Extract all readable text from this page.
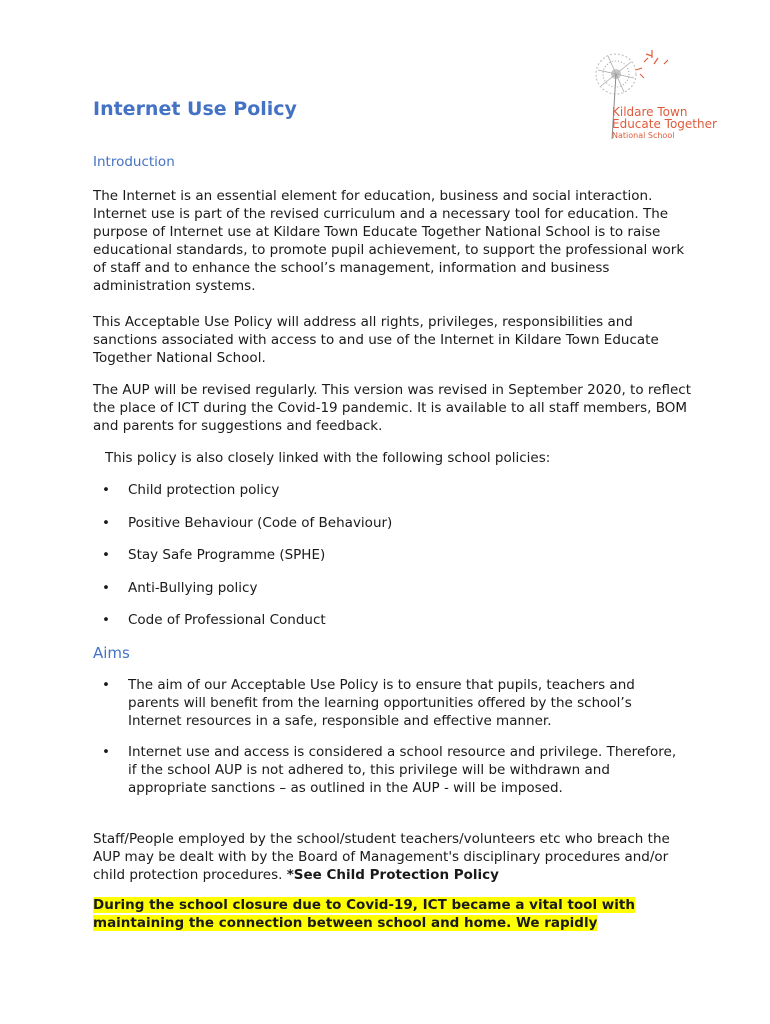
Kildare Town
Educate Together
National School
Internet Use Policy
Introduction

The Internet is an essential element for education, business and social interaction. Internet use is part of the revised curriculum and a necessary tool for education. The purpose of Internet use at Kildare Town Educate Together National School is to raise educational standards, to promote pupil achievement, to support the professional work of staff and to enhance the school’s management, information and business administration systems.

This Acceptable Use Policy will address all rights, privileges, responsibilities and sanctions associated with access to and use of the Internet in Kildare Town Educate Together National School.

The AUP will be revised regularly. This version was revised in September 2020, to reflect the place of ICT during the Covid-19 pandemic. It is available to all staff members, BOM and parents for suggestions and feedback.

This policy is also closely linked with the following school policies:

• Child protection policy
• Positive Behaviour (Code of Behaviour)
• Stay Safe Programme (SPHE)
• Anti-Bullying policy
• Code of Professional Conduct
Aims
• The aim of our Acceptable Use Policy is to ensure that pupils, teachers and parents will benefit from the learning opportunities offered by the school’s Internet resources in a safe, responsible and effective manner.
• Internet use and access is considered a school resource and privilege. Therefore, if the school AUP is not adhered to, this privilege will be withdrawn and appropriate sanctions – as outlined in the AUP - will be imposed.

Staff/People employed by the school/student teachers/volunteers etc who breach the AUP may be dealt with by the Board of Management's disciplinary procedures and/or child protection procedures. *See Child Protection Policy

During the school closure due to Covid-19, ICT became a vital tool with maintaining the connection between school and home. We rapidly
